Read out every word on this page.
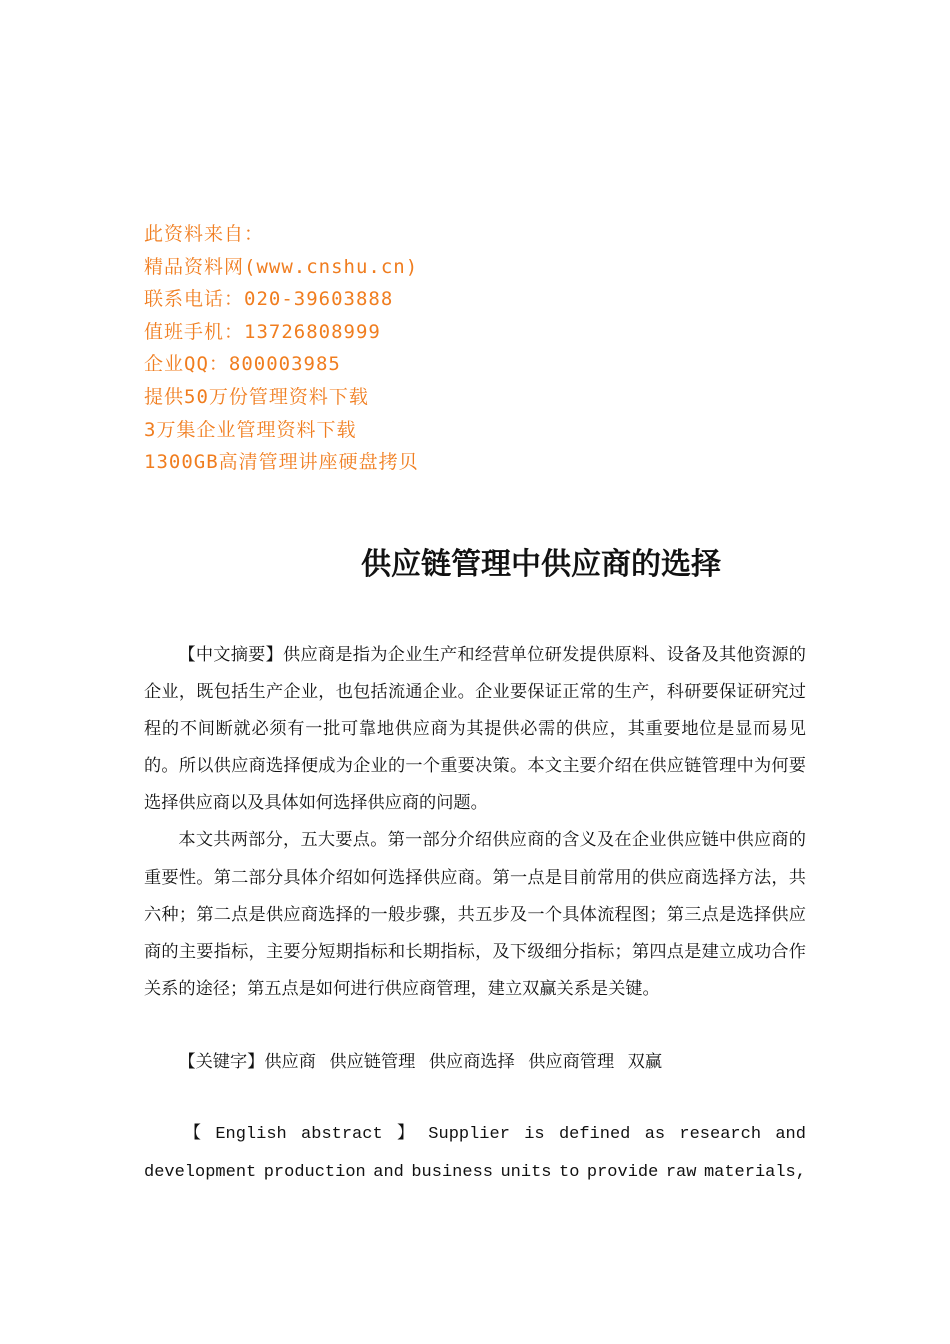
此资料来自：
精品资料网(www.cnshu.cn)
联系电话：020-39603888
值班手机：13726808999
企业QQ：800003985
提供50万份管理资料下载
3万集企业管理资料下载
1300GB高清管理讲座硬盘拷贝
供应链管理中供应商的选择

【中文摘要】供应商是指为企业生产和经营单位研发提供原料、设备及其他资源的企业，既包括生产企业，也包括流通企业。企业要保证正常的生产，科研要保证研究过程的不间断就必须有一批可靠地供应商为其提供必需的供应，其重要地位是显而易见的。所以供应商选择便成为企业的一个重要决策。本文主要介绍在供应链管理中为何要选择供应商以及具体如何选择供应商的问题。

本文共两部分，五大要点。第一部分介绍供应商的含义及在企业供应链中供应商的重要性。第二部分具体介绍如何选择供应商。第一点是目前常用的供应商选择方法，共六种；第二点是供应商选择的一般步骤，共五步及一个具体流程图；第三点是选择供应商的主要指标，主要分短期指标和长期指标，及下级细分指标；第四点是建立成功合作关系的途径；第五点是如何进行供应商管理，建立双赢关系是关键。

【关键字】供应商 供应链管理 供应商选择 供应商管理 双赢
【 English abstract 】 Supplier is defined as research and
development production and business units to provide raw materials,
